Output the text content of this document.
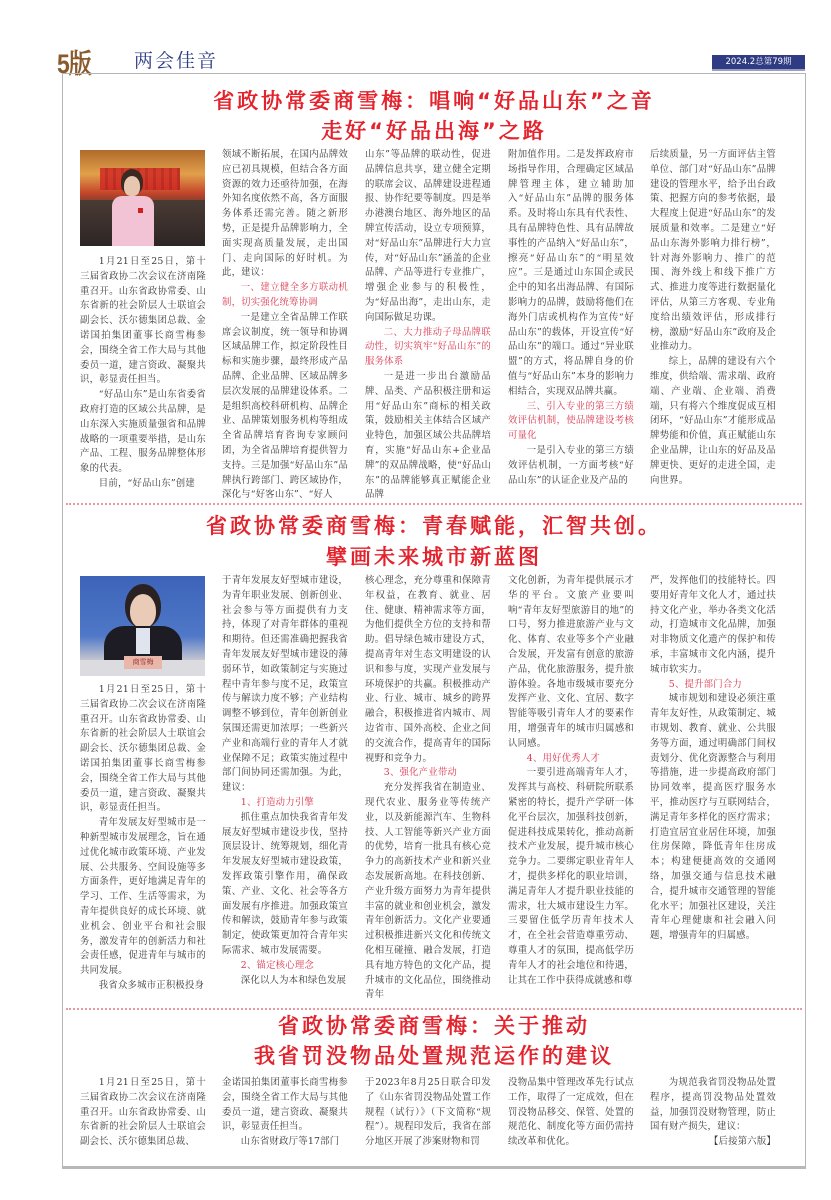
5版 两会佳音	2024.2总第79期
省政协常委商雪梅：唱响“好品山东”之音
走好“好品出海”之路

1月21日至25日，第十三届省政协二次会议在济南隆重召开。山东省政协常委、山东省新的社会阶层人士联谊会副会长、沃尔德集团总裁、金诺国拍集团董事长商雪梅参会，围绕全省工作大局与其他委员一道，建言资政、凝聚共识，彰显责任担当。

“好品山东”是山东省委省政府打造的区域公共品牌，是山东深入实施质量强省和品牌战略的一项重要举措，是山东产品、工程、服务品牌整体形象的代表。

目前，“好品山东”创建

领域不断拓展，在国内品牌效应已初具规模，但结合各方面资源的效力还亟待加强，在海外知名度依然不高，各方面服务体系还需完善。随之新形势，正是提升品牌影响力，全面实现高质量发展，走出国门、走向国际的好时机。为此，建议：

一、建立健全多方联动机制，切实强化统筹协调

一是建立全省品牌工作联席会议制度，统一领导和协调区域品牌工作，拟定阶段性目标和实施步骤，最终形成产品品牌、企业品牌、区域品牌多层次发展的品牌建设体系。二是组织高校科研机构、品牌企业、品牌策划服务机构等组成全省品牌培育咨询专家顾问团，为全省品牌培育提供智力支持。三是加强“好品山东”品牌执行跨部门、跨区域协作，深化与“好客山东”、“好人

山东”等品牌的联动性，促进品牌信息共享，建立健全定期的联席会议、品牌建设进程通报、协作纪要等制度。四是举办港澳台地区、海外地区的品牌宣传活动，设立专项预算，对“好品山东”品牌进行大力宣传，对“好品山东”涵盖的企业品牌、产品等进行专业推广，增强企业参与的积极性，为“好品出海”，走出山东，走向国际做足功课。

二、大力推动子母品牌联动性，切实筑牢“好品山东”的服务体系

一是进一步出台激励品牌、品类、产品积极注册和运用“好品山东”商标的相关政策，鼓励相关主体结合区域产业特色，加强区域公共品牌培育，实施“好品山东+企业品牌”的双品牌战略，使“好品山东”的品牌能够真正赋能企业品牌

附加值作用。二是发挥政府市场指导作用，合理确定区域品牌管理主体，建立辅助加入“好品山东”品牌的服务体系。及时将山东具有代表性、具有品牌特色性、具有品牌故事性的产品纳入“好品山东”，擦亮“好品山东”的“明星效应”。三是通过山东国企或民企中的知名出海品牌、有国际影响力的品牌，鼓励将他们在海外门店或机构作为宣传“好品山东”的载体，开设宣传“好品山东”的端口。通过“异业联盟”的方式，将品牌自身的价值与“好品山东”本身的影响力相结合，实现双品牌共赢。

三、引入专业的第三方绩效评估机制，使品牌建设考核可量化

一是引入专业的第三方绩效评估机制，一方面考核“好品山东”的认证企业及产品的

后续质量，另一方面评估主管单位、部门对“好品山东”品牌建设的管理水平，给予出台政策、把握方向的参考依据，最大程度上促进“好品山东”的发展质量和效率。二是建立“好品山东海外影响力排行榜”，针对海外影响力、推广的范围、海外线上和线下推广方式、推进力度等进行数据量化评估，从第三方客观、专业角度给出绩效评估，形成排行榜，激励“好品山东”政府及企业推动力。

综上，品牌的建设有六个维度，供给端、需求端、政府端、产业端、企业端、消费端，只有将六个维度促成互相闭环，“好品山东”才能形成品牌势能和价值，真正赋能山东企业品牌，让山东的好品及品牌更快、更好的走进全国，走向世界。

省政协常委商雪梅：青春赋能，汇智共创。
擘画未来城市新蓝图
商雪梅

1月21日至25日，第十三届省政协二次会议在济南隆重召开。山东省政协常委、山东省新的社会阶层人士联谊会副会长、沃尔德集团总裁、金诺国拍集团董事长商雪梅参会，围绕全省工作大局与其他委员一道，建言资政、凝聚共识，彰显责任担当。

青年发展友好型城市是一种新型城市发展理念，旨在通过优化城市政策环境、产业发展、公共服务、空间设施等多方面条件，更好地满足青年的学习、工作、生活等需求，为青年提供良好的成长环境、就业机会、创业平台和社会服务，激发青年的创新活力和社会责任感，促进青年与城市的共同发展。

我省众多城市正积极投身

于青年发展友好型城市建设，为青年职业发展、创新创业、社会参与等方面提供有力支持，体现了对青年群体的重视和期待。但还需准确把握我省青年发展友好型城市建设的薄弱环节，如政策制定与实施过程中青年参与度不足，政策宣传与解读力度不够；产业结构调整不够到位，青年创新创业氛围还需更加浓厚；一些新兴产业和高端行业的青年人才就业保障不足；政策实施过程中部门间协同还需加强。为此，建议：

1、打造动力引擎

抓住重点加快我省青年发展友好型城市建设步伐，坚持顶层设计、统筹规划，细化青年发展友好型城市建设政策，发挥政策引擎作用，确保政策、产业、文化、社会等各方面发展有序推进。加强政策宣传和解读，鼓励青年参与政策制定，使政策更加符合青年实际需求、城市发展需要。

2、锚定核心理念

深化以人为本和绿色发展

核心理念，充分尊重和保障青年权益，在教育、就业、居住、健康、精神需求等方面，为他们提供全方位的支持和帮助。倡导绿色城市建设方式，提高青年对生态文明建设的认识和参与度，实现产业发展与环境保护的共赢。积极推动产业、行业、城市、城乡的跨界融合，积极推进省内城市、周边省市、国外高校、企业之间的交流合作，提高青年的国际视野和竞争力。

3、强化产业带动

充分发挥我省在制造业、现代农业、服务业等传统产业，以及新能源汽车、生物科技、人工智能等新兴产业方面的优势，培育一批具有核心竞争力的高新技术产业和新兴业态发展新高地。在科技创新、产业升级方面努力为青年提供丰富的就业和创业机会，激发青年创新活力。文化产业要通过积极推进新兴文化和传统文化相互碰撞、融合发展，打造具有地方特色的文化产品，提升城市的文化品位，围绕推动青年

文化创新，为青年提供展示才华的平台。文旅产业要叫响“青年友好型旅游目的地”的口号，努力推进旅游产业与文化、体育、农业等多个产业融合发展，开发富有创意的旅游产品，优化旅游服务，提升旅游体验。各地市级城市要充分发挥产业、文化、宜居、数字智能等吸引青年人才的要素作用，增强青年的城市归属感和认同感。

4、用好优秀人才

一要引进高端青年人才，发挥其与高校、科研院所联系紧密的特长，提升产学研一体化平台层次，加强科技创新，促进科技成果转化，推动高新技术产业发展，提升城市核心竞争力。二要绑定职业青年人才，提供多样化的职业培训，满足青年人才提升职业技能的需求，壮大城市建设生力军。三要留住低学历青年技术人才，在全社会营造尊重劳动、尊重人才的氛围，提高低学历青年人才的社会地位和待遇，让其在工作中获得成就感和尊

严，发挥他们的技能特长。四要用好青年文化人才，通过扶持文化产业，举办各类文化活动，打造城市文化品牌，加强对非物质文化遗产的保护和传承，丰富城市文化内涵，提升城市软实力。

5、提升部门合力

城市规划和建设必须注重青年友好性，从政策制定、城市规划、教育、就业、公共服务等方面，通过明确部门间权责划分、优化资源整合与利用等措施，进一步提高政府部门协同效率，提高医疗服务水平，推动医疗与互联网结合，满足青年多样化的医疗需求；打造宜居宜业居住环境，加强住房保障，降低青年住房成本；构建便捷高效的交通网络，加强交通与信息技术融合，提升城市交通管理的智能化水平；加强社区建设，关注青年心理健康和社会融入问题，增强青年的归属感。

省政协常委商雪梅：关于推动
我省罚没物品处置规范运作的建议

1月21日至25日，第十三届省政协二次会议在济南隆重召开。山东省政协常委、山东省新的社会阶层人士联谊会副会长、沃尔德集团总裁、

金诺国拍集团董事长商雪梅参会，围绕全省工作大局与其他委员一道，建言资政、凝聚共识，彰显责任担当。

山东省财政厅等17部门

于2023年8月25日联合印发了《山东省罚没物品处置工作规程（试行）》（下文简称“规程”）。规程印发后，我省在部分地区开展了涉案财物和罚

没物品集中管理改革先行试点工作，取得了一定成效，但在罚没物品移交、保管、处置的规范化、制度化等方面仍需持续改革和优化。

为规范我省罚没物品处置程序，提高罚没物品处置效益，加强罚没财物管理，防止国有财产损失，建议：

【后接第六版】
